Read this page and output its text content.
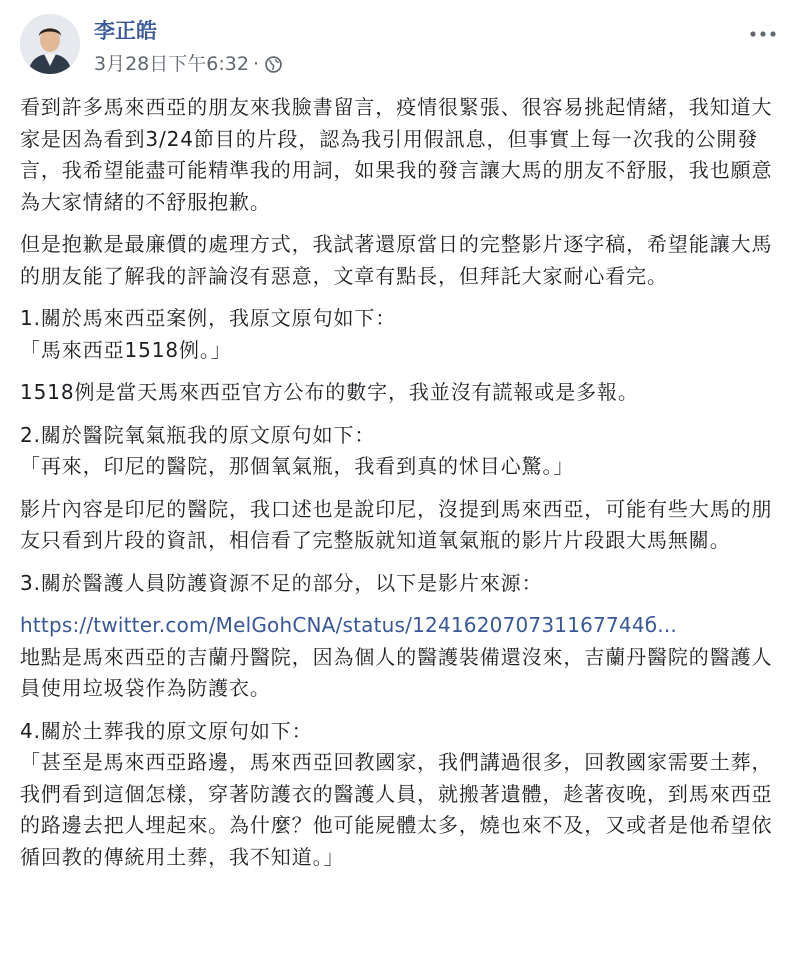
李正皓
3月28日下午6:32 ·

看到許多馬來西亞的朋友來我臉書留言，疫情很緊張、很容易挑起情緒，我知道大家是因為看到3/24節目的片段，認為我引用假訊息，但事實上每一次我的公開發言，我希望能盡可能精準我的用詞，如果我的發言讓大馬的朋友不舒服，我也願意為大家情緒的不舒服抱歉。

但是抱歉是最廉價的處理方式，我試著還原當日的完整影片逐字稿，希望能讓大馬的朋友能了解我的評論沒有惡意，文章有點長，但拜託大家耐心看完。

1.關於馬來西亞案例，我原文原句如下：
「馬來西亞1518例。」

1518例是當天馬來西亞官方公布的數字，我並沒有謊報或是多報。

2.關於醫院氧氣瓶我的原文原句如下：
「再來，印尼的醫院，那個氧氣瓶，我看到真的怵目心驚。」

影片內容是印尼的醫院，我口述也是說印尼，沒提到馬來西亞，可能有些大馬的朋友只看到片段的資訊，相信看了完整版就知道氧氣瓶的影片片段跟大馬無關。

3.關於醫護人員防護資源不足的部分，以下是影片來源：

https://twitter.com/MelGohCNA/status/124162070731167744б...

地點是馬來西亞的吉蘭丹醫院，因為個人的醫護裝備還沒來，吉蘭丹醫院的醫護人員使用垃圾袋作為防護衣。

4.關於土葬我的原文原句如下：
「甚至是馬來西亞路邊，馬來西亞回教國家，我們講過很多，回教國家需要土葬，我們看到這個怎樣，穿著防護衣的醫護人員，就搬著遺體，趁著夜晚，到馬來西亞的路邊去把人埋起來。為什麼？他可能屍體太多，燒也來不及，又或者是他希望依循回教的傳統用土葬，我不知道。」
